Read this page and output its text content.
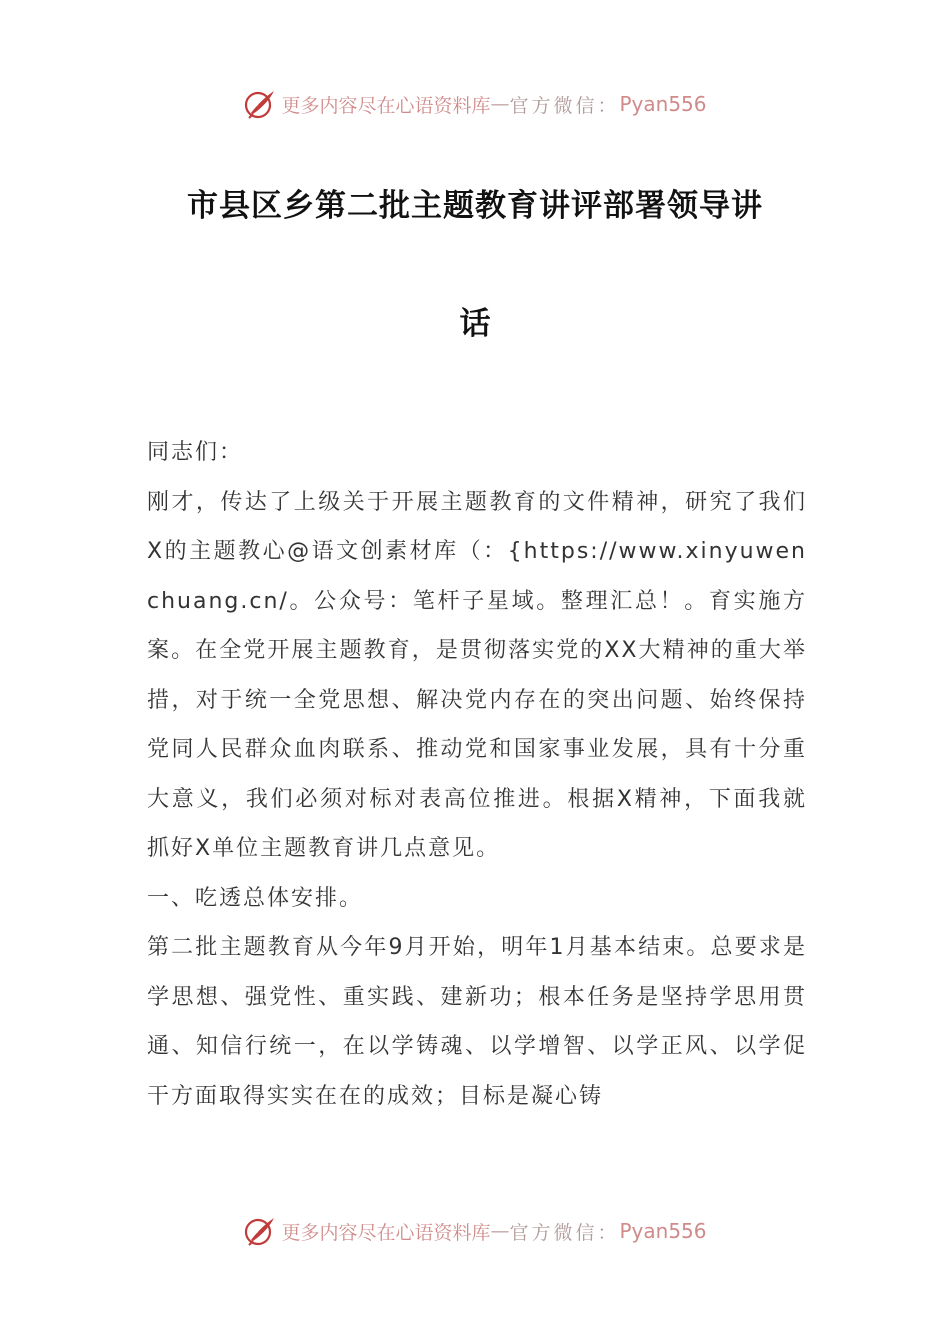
更多内容尽在心语资料库 — 官方微信： Pyan556
市县区乡第二批主题教育讲评部署领导讲
话

同志们：

刚才，传达了上级关于开展主题教育的文件精神，研究了我们X的主题教心@语文创素材库（：{https://www.xinyuwenchuang.cn/。公众号：笔杆子星域。整理汇总！。育实施方案。在全党开展主题教育，是贯彻落实党的XX大精神的重大举措，对于统一全党思想、解决党内存在的突出问题、始终保持党同人民群众血肉联系、推动党和国家事业发展，具有十分重大意义，我们必须对标对表高位推进。根据X精神，下面我就抓好X单位主题教育讲几点意见。

一、吃透总体安排。

第二批主题教育从今年9月开始，明年1月基本结束。总要求是学思想、强党性、重实践、建新功；根本任务是坚持学思用贯通、知信行统一，在以学铸魂、以学增智、以学正风、以学促干方面取得实实在在的成效；目标是凝心铸

更多内容尽在心语资料库 — 官方微信： Pyan556
